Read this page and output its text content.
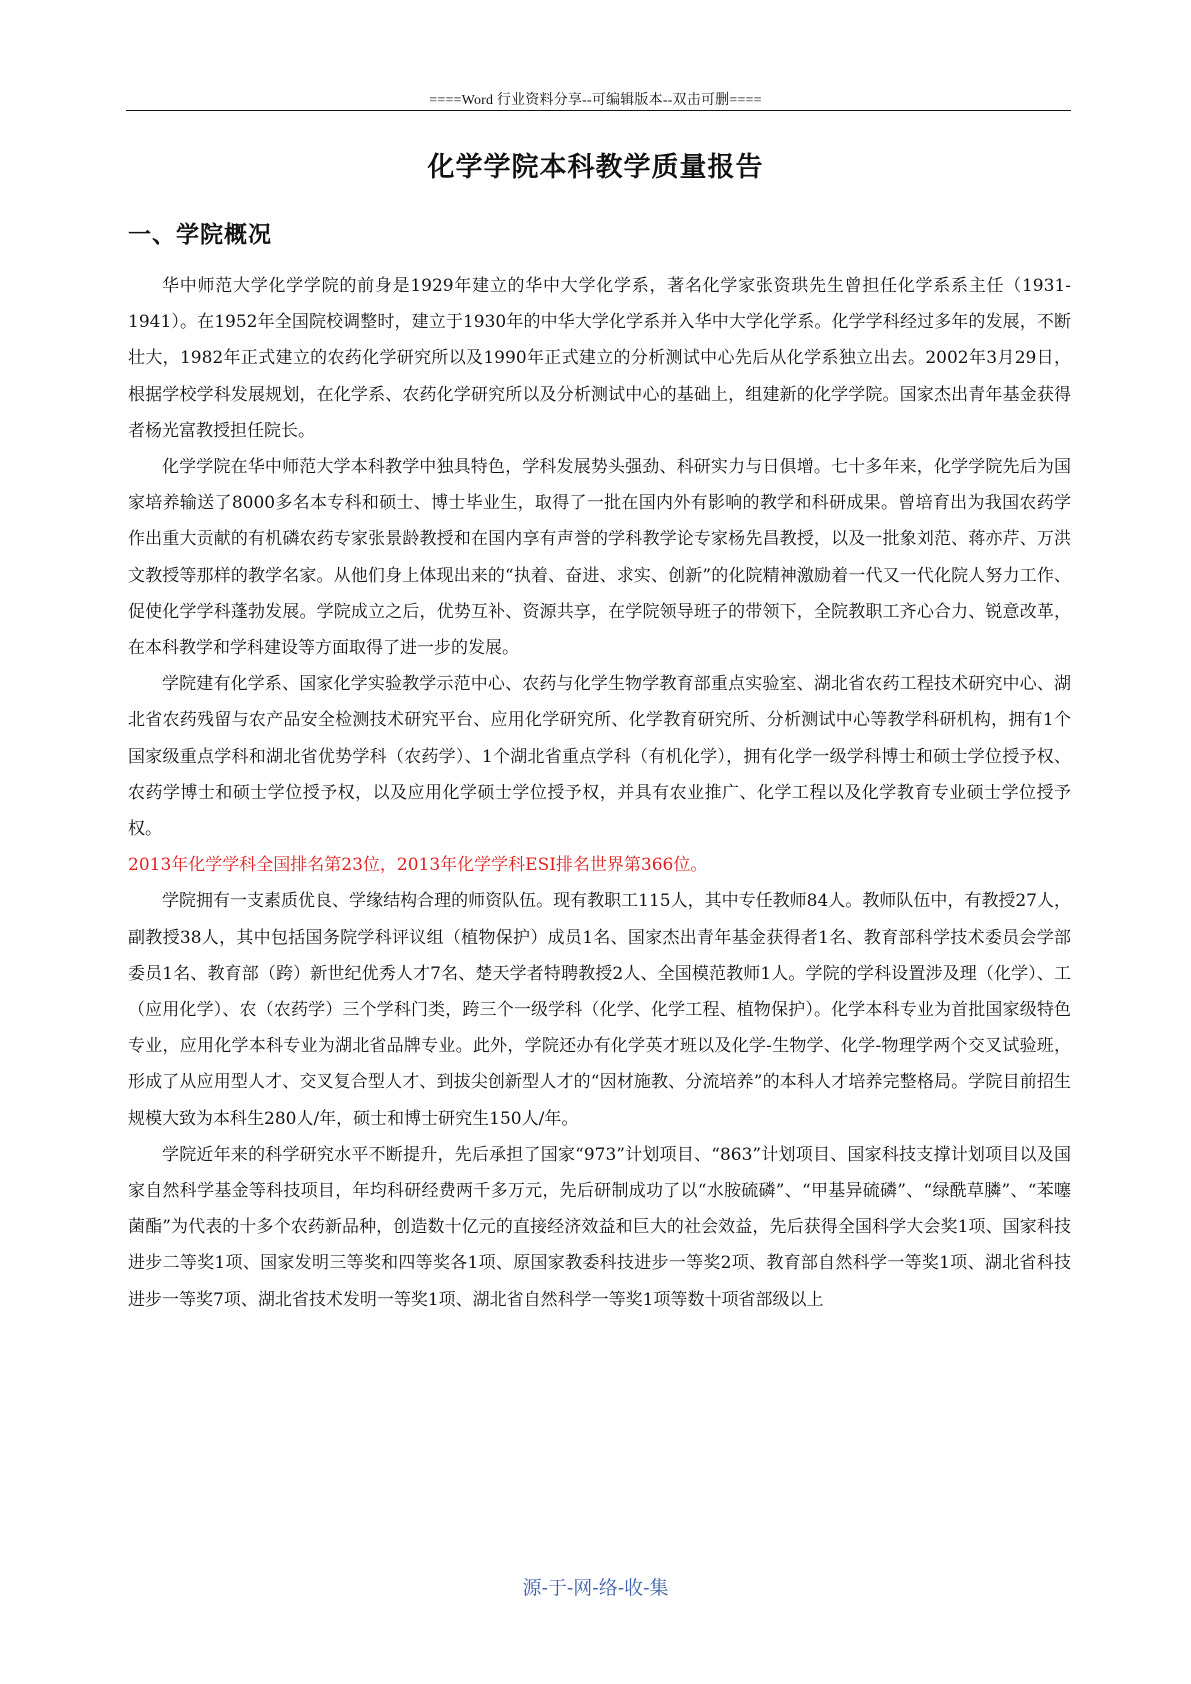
====Word 行业资料分享--可编辑版本--双击可删====
化学学院本科教学质量报告
一、学院概况

华中师范大学化学学院的前身是1929年建立的华中大学化学系，著名化学家张资珙先生曾担任化学系系主任（1931-1941）。在1952年全国院校调整时，建立于1930年的中华大学化学系并入华中大学化学系。化学学科经过多年的发展，不断壮大，1982年正式建立的农药化学研究所以及1990年正式建立的分析测试中心先后从化学系独立出去。2002年3月29日，根据学校学科发展规划，在化学系、农药化学研究所以及分析测试中心的基础上，组建新的化学学院。国家杰出青年基金获得者杨光富教授担任院长。

化学学院在华中师范大学本科教学中独具特色，学科发展势头强劲、科研实力与日俱增。七十多年来，化学学院先后为国家培养输送了8000多名本专科和硕士、博士毕业生，取得了一批在国内外有影响的教学和科研成果。曾培育出为我国农药学作出重大贡献的有机磷农药专家张景龄教授和在国内享有声誉的学科教学论专家杨先昌教授，以及一批象刘范、蒋亦芹、万洪文教授等那样的教学名家。从他们身上体现出来的“执着、奋进、求实、创新”的化院精神激励着一代又一代化院人努力工作、促使化学学科蓬勃发展。学院成立之后，优势互补、资源共享，在学院领导班子的带领下，全院教职工齐心合力、锐意改革，在本科教学和学科建设等方面取得了进一步的发展。

学院建有化学系、国家化学实验教学示范中心、农药与化学生物学教育部重点实验室、湖北省农药工程技术研究中心、湖北省农药残留与农产品安全检测技术研究平台、应用化学研究所、化学教育研究所、分析测试中心等教学科研机构，拥有1个国家级重点学科和湖北省优势学科（农药学）、1个湖北省重点学科（有机化学），拥有化学一级学科博士和硕士学位授予权、农药学博士和硕士学位授予权，以及应用化学硕士学位授予权，并具有农业推广、化学工程以及化学教育专业硕士学位授予权。

2013年化学学科全国排名第23位，2013年化学学科ESI排名世界第366位。

学院拥有一支素质优良、学缘结构合理的师资队伍。现有教职工115人，其中专任教师84人。教师队伍中，有教授27人，副教授38人，其中包括国务院学科评议组（植物保护）成员1名、国家杰出青年基金获得者1名、教育部科学技术委员会学部委员1名、教育部（跨）新世纪优秀人才7名、楚天学者特聘教授2人、全国模范教师1人。学院的学科设置涉及理（化学）、工（应用化学）、农（农药学）三个学科门类，跨三个一级学科（化学、化学工程、植物保护）。化学本科专业为首批国家级特色专业，应用化学本科专业为湖北省品牌专业。此外，学院还办有化学英才班以及化学-生物学、化学-物理学两个交叉试验班，形成了从应用型人才、交叉复合型人才、到拔尖创新型人才的“因材施教、分流培养”的本科人才培养完整格局。学院目前招生规模大致为本科生280人/年，硕士和博士研究生150人/年。

学院近年来的科学研究水平不断提升，先后承担了国家“973”计划项目、“863”计划项目、国家科技支撑计划项目以及国家自然科学基金等科技项目，年均科研经费两千多万元，先后研制成功了以“水胺硫磷”、“甲基异硫磷”、“绿酰草膦”、“苯噻菌酯”为代表的十多个农药新品种，创造数十亿元的直接经济效益和巨大的社会效益，先后获得全国科学大会奖1项、国家科技进步二等奖1项、国家发明三等奖和四等奖各1项、原国家教委科技进步一等奖2项、教育部自然科学一等奖1项、湖北省科技进步一等奖7项、湖北省技术发明一等奖1项、湖北省自然科学一等奖1项等数十项省部级以上

源-于-网-络-收-集
